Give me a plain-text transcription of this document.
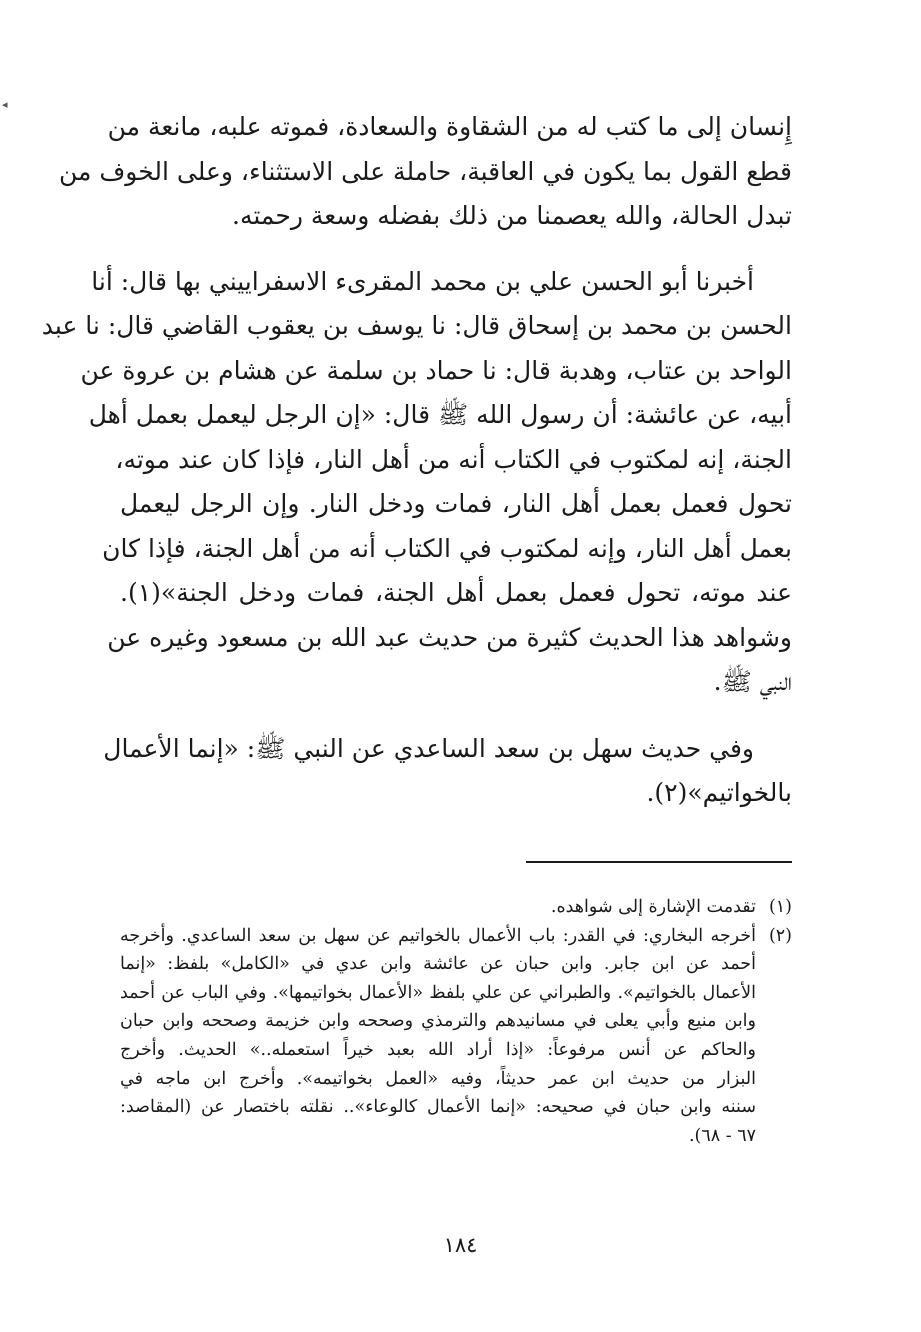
◂
إِنسان إلى ما كتب له من الشقاوة والسعادة، فموته علبه، مانعة من
قطع القول بما يكون في العاقبة، حاملة على الاستثناء، وعلى الخوف من
تبدل الحالة، والله يعصمنا من ذلك بفضله وسعة رحمته.
أخبرنا أبو الحسن علي بن محمد المقرىء الاسفراييني بها قال: أنا
الحسن بن محمد بن إسحاق قال: نا يوسف بن يعقوب القاضي قال: نا عبد
الواحد بن عتاب، وهدبة قال: نا حماد بن سلمة عن هشام بن عروة عن
أبيه، عن عائشة: أن رسول الله ﷺ قال: «إن الرجل ليعمل بعمل أهل
الجنة، إنه لمكتوب في الكتاب أنه من أهل النار، فإذا كان عند موته،
تحول فعمل بعمل أهل النار، فمات ودخل النار. وإن الرجل ليعمل
بعمل أهل النار، وإنه لمكتوب في الكتاب أنه من أهل الجنة، فإذا كان
عند موته، تحول فعمل بعمل أهل الجنة، فمات ودخل الجنة»(١).
وشواهد هذا الحديث كثيرة من حديث عبد الله بن مسعود وغيره عن
النبي ﷺ.
وفي حديث سهل بن سعد الساعدي عن النبي ﷺ: «إنما الأعمال
بالخواتيم»(٢).
(١)
تقدمت الإشارة إلى شواهده.
(٢)
أخرجه البخاري: في القدر: باب الأعمال بالخواتيم عن سهل بن سعد الساعدي. وأخرجه
أحمد عن ابن جابر. وابن حبان عن عائشة وابن عدي في «الكامل» بلفظ: «إنما
الأعمال بالخواتيم». والطبراني عن علي بلفظ «الأعمال بخواتيمها». وفي الباب عن أحمد
وابن منيع وأبي يعلى في مسانيدهم والترمذي وصححه وابن خزيمة وصححه وابن حبان
والحاكم عن أنس مرفوعاً: «إذا أراد الله بعبد خيراً استعمله..» الحديث. وأخرج
البزار من حديث ابن عمر حديثاً، وفيه «العمل بخواتيمه». وأخرج ابن ماجه في
سننه وابن حبان في صحيحه: «إنما الأعمال كالوعاء».. نقلته باختصار عن (المقاصد:
٦٧ - ٦٨).
١٨٤
